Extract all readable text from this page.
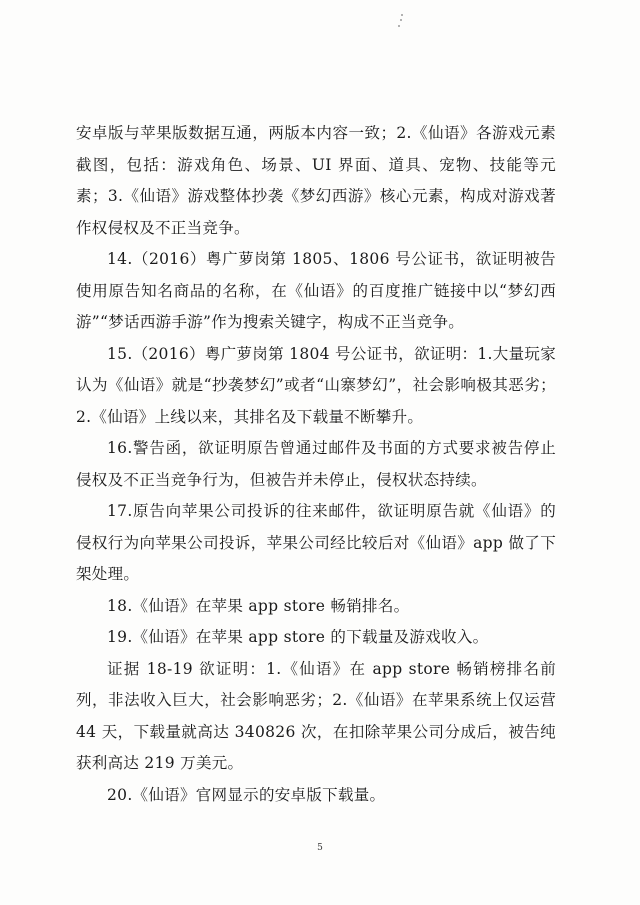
安卓版与苹果版数据互通，两版本内容一致；2.《仙语》各游戏元素截图，包括：游戏角色、场景、UI 界面、道具、宠物、技能等元素；3.《仙语》游戏整体抄袭《梦幻西游》核心元素，构成对游戏著作权侵权及不正当竞争。

14.（2016）粤广萝岗第 1805、1806 号公证书，欲证明被告使用原告知名商品的名称，在《仙语》的百度推广链接中以“梦幻西游”“梦话西游手游”作为搜索关键字，构成不正当竞争。

15.（2016）粤广萝岗第 1804 号公证书，欲证明：1.大量玩家认为《仙语》就是“抄袭梦幻”或者“山寨梦幻”，社会影响极其恶劣；2.《仙语》上线以来，其排名及下载量不断攀升。

16.警告函，欲证明原告曾通过邮件及书面的方式要求被告停止侵权及不正当竞争行为，但被告并未停止，侵权状态持续。

17.原告向苹果公司投诉的往来邮件，欲证明原告就《仙语》的侵权行为向苹果公司投诉，苹果公司经比较后对《仙语》app 做了下架处理。

18.《仙语》在苹果 app store 畅销排名。

19.《仙语》在苹果 app store 的下载量及游戏收入。

证据 18-19 欲证明：1.《仙语》在 app store 畅销榜排名前列，非法收入巨大，社会影响恶劣；2.《仙语》在苹果系统上仅运营 44 天，下载量就高达 340826 次，在扣除苹果公司分成后，被告纯获利高达 219 万美元。

20.《仙语》官网显示的安卓版下载量。

5
